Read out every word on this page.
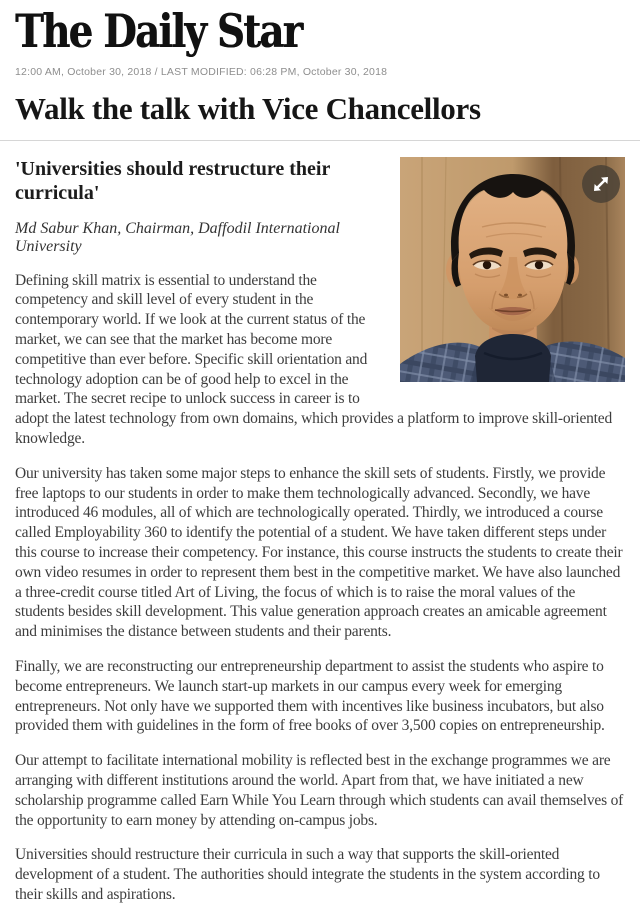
The Daily Star
12:00 AM, October 30, 2018 / LAST MODIFIED: 06:28 PM, October 30, 2018
Walk the talk with Vice Chancellors
'Universities should restructure their curricula'

Md Sabur Khan, Chairman, Daffodil International University

Defining skill matrix is essential to understand the competency and skill level of every student in the contemporary world. If we look at the current status of the market, we can see that the market has become more competitive than ever before. Specific skill orientation and technology adoption can be of good help to excel in the market. The secret recipe to unlock success in career is to adopt the latest technology from own domains, which provides a platform to improve skill-oriented knowledge.

Our university has taken some major steps to enhance the skill sets of students. Firstly, we provide free laptops to our students in order to make them technologically advanced. Secondly, we have introduced 46 modules, all of which are technologically operated. Thirdly, we introduced a course called Employability 360 to identify the potential of a student. We have taken different steps under this course to increase their competency. For instance, this course instructs the students to create their own video resumes in order to represent them best in the competitive market. We have also launched a three-credit course titled Art of Living, the focus of which is to raise the moral values of the students besides skill development. This value generation approach creates an amicable agreement and minimises the distance between students and their parents.

Finally, we are reconstructing our entrepreneurship department to assist the students who aspire to become entrepreneurs. We launch start-up markets in our campus every week for emerging entrepreneurs. Not only have we supported them with incentives like business incubators, but also provided them with guidelines in the form of free books of over 3,500 copies on entrepreneurship.

Our attempt to facilitate international mobility is reflected best in the exchange programmes we are arranging with different institutions around the world. Apart from that, we have initiated a new scholarship programme called Earn While You Learn through which students can avail themselves of the opportunity to earn money by attending on-campus jobs.

Universities should restructure their curricula in such a way that supports the skill-oriented development of a student. The authorities should integrate the students in the system according to their skills and aspirations.
